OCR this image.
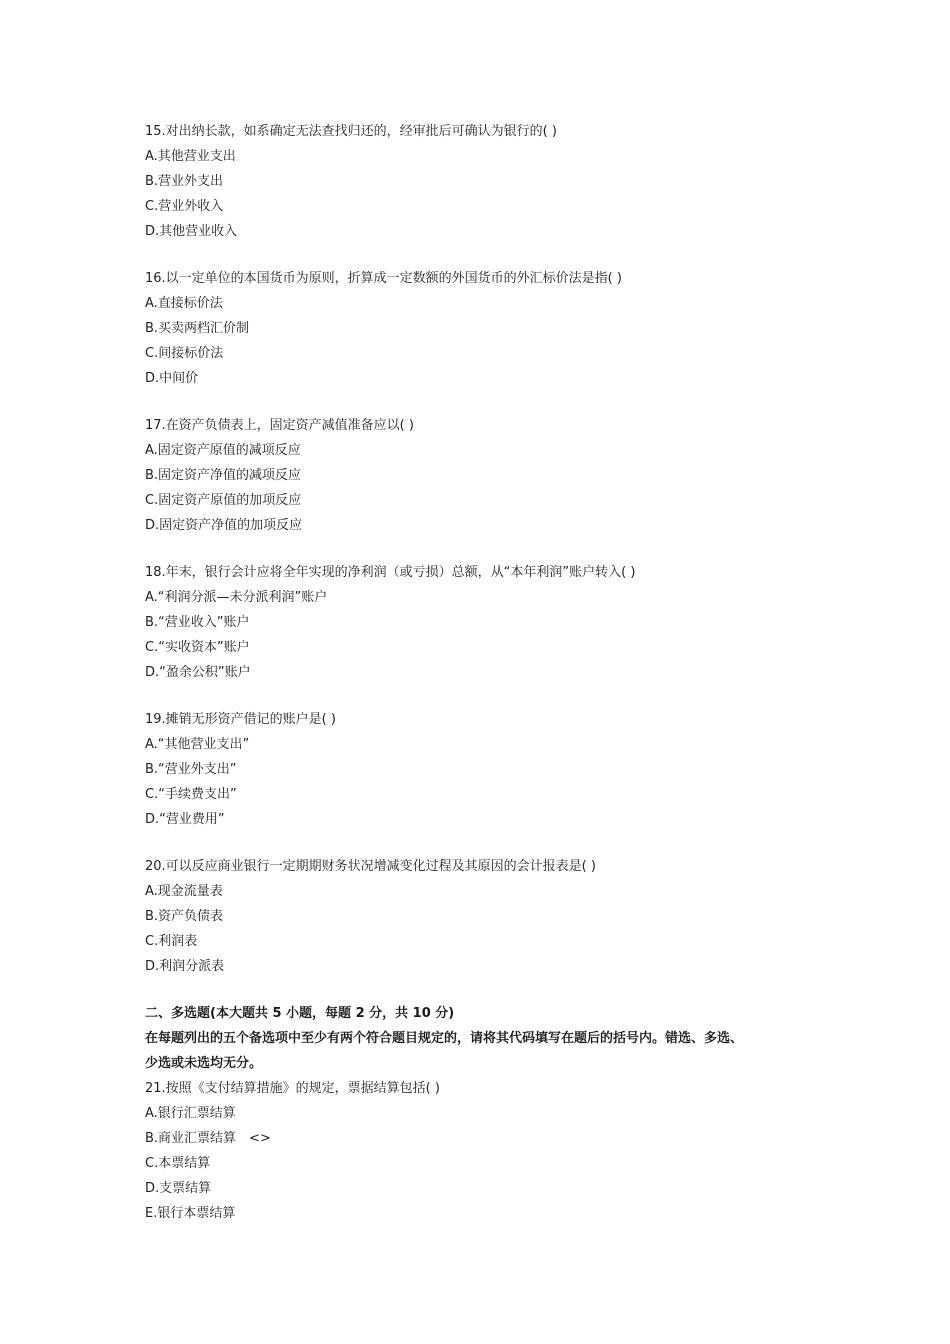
15.对出纳长款，如系确定无法查找归还的，经审批后可确认为银行的( )
A.其他营业支出
B.营业外支出
C.营业外收入
D.其他营业收入
16.以一定单位的本国货币为原则，折算成一定数额的外国货币的外汇标价法是指( )
A.直接标价法
B.买卖两档汇价制
C.间接标价法
D.中间价
17.在资产负债表上，固定资产减值准备应以( )
A.固定资产原值的减项反应
B.固定资产净值的减项反应
C.固定资产原值的加项反应
D.固定资产净值的加项反应
18.年末，银行会计应将全年实现的净利润（或亏损）总额，从“本年利润”账户转入( )
A.“利润分派—未分派利润”账户
B.“营业收入”账户
C.“实收资本”账户
D.“盈余公积”账户
19.摊销无形资产借记的账户是( )
A.“其他营业支出”
B.“营业外支出”
C.“手续费支出”
D.“营业费用”
20.可以反应商业银行一定期期财务状况增减变化过程及其原因的会计报表是( )
A.现金流量表
B.资产负债表
C.利润表
D.利润分派表
二、多选题(本大题共 5 小题，每题 2 分，共 10 分)
在每题列出的五个备选项中至少有两个符合题目规定的，请将其代码填写在题后的括号内。错选、多选、
少选或未选均无分。
21.按照《支付结算措施》的规定，票据结算包括( )
A.银行汇票结算
B.商业汇票结算　<>
C.本票结算
D.支票结算
E.银行本票结算
